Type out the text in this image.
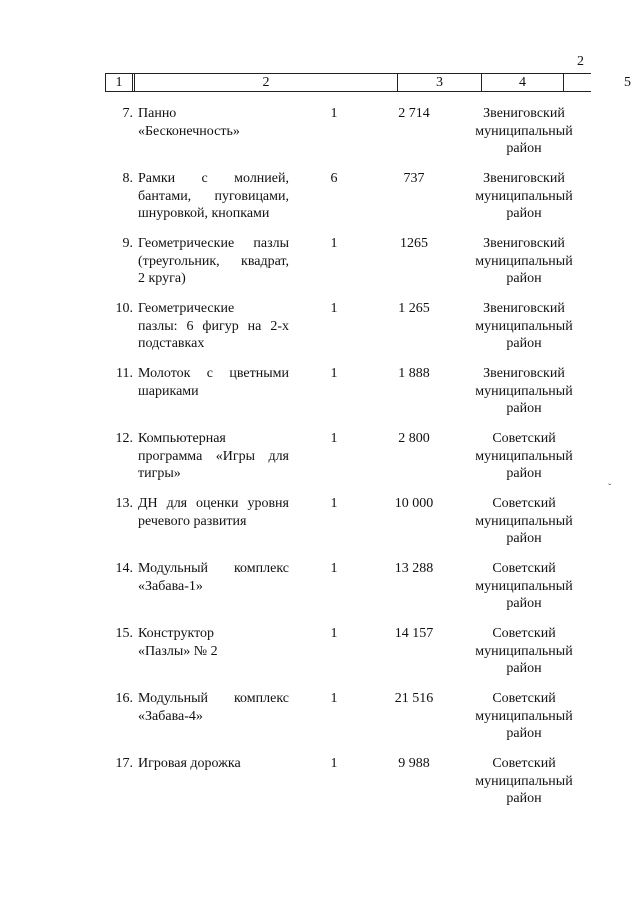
2
1	2	3	4	5
7. Панно
«Бесконечность»
1	2 714	Звениговский
муниципальный
район
8. Рамки с молнией,
бантами, пуговицами,
шнуровкой, кнопками
6	737	Звениговский
муниципальный
район
9. Геометрические пазлы
(треугольник, квадрат,
2 круга)
1	1265	Звениговский
муниципальный
район
10. Геометрические
пазлы: 6 фигур на 2-х
подставках
1	1 265	Звениговский
муниципальный
район
11. Молоток с цветными
шариками
1	1 888	Звениговский
муниципальный
район
12. Компьютерная
программа «Игры для
тигры»
1	2 800	Советский
муниципальный
район
13. ДН для оценки уровня
речевого развития
1	10 000	Советский
муниципальный
район
14. Модульный комплекс
«Забава-1»
1	13 288	Советский
муниципальный
район
15. Конструктор
«Пазлы» № 2
1	14 157	Советский
муниципальный
район
16. Модульный комплекс
«Забава-4»
1	21 516	Советский
муниципальный
район
17. Игровая дорожка	1	9 988	Советский
муниципальный
район
ˇ
